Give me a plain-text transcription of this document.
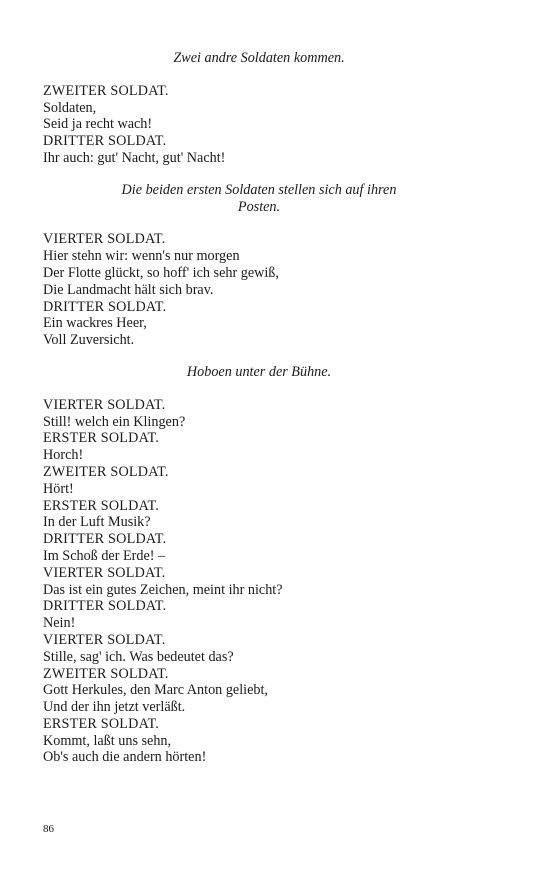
Zwei andre Soldaten kommen.

ZWEITER SOLDAT.
Soldaten,
Seid ja recht wach!
DRITTER SOLDAT.
Ihr auch: gut' Nacht, gut' Nacht!

Die beiden ersten Soldaten stellen sich auf ihren Posten.

VIERTER SOLDAT.
Hier stehn wir: wenn's nur morgen
Der Flotte glückt, so hoff' ich sehr gewiß,
Die Landmacht hält sich brav.
DRITTER SOLDAT.
Ein wackres Heer,
Voll Zuversicht.

Hoboen unter der Bühne.

VIERTER SOLDAT.
Still! welch ein Klingen?
ERSTER SOLDAT.
Horch!
ZWEITER SOLDAT.
Hört!
ERSTER SOLDAT.
In der Luft Musik?
DRITTER SOLDAT.
Im Schoß der Erde! –
VIERTER SOLDAT.
Das ist ein gutes Zeichen, meint ihr nicht?
DRITTER SOLDAT.
Nein!
VIERTER SOLDAT.
Stille, sag' ich. Was bedeutet das?
ZWEITER SOLDAT.
Gott Herkules, den Marc Anton geliebt,
Und der ihn jetzt verläßt.
ERSTER SOLDAT.
Kommt, laßt uns sehn,
Ob's auch die andern hörten!
86
